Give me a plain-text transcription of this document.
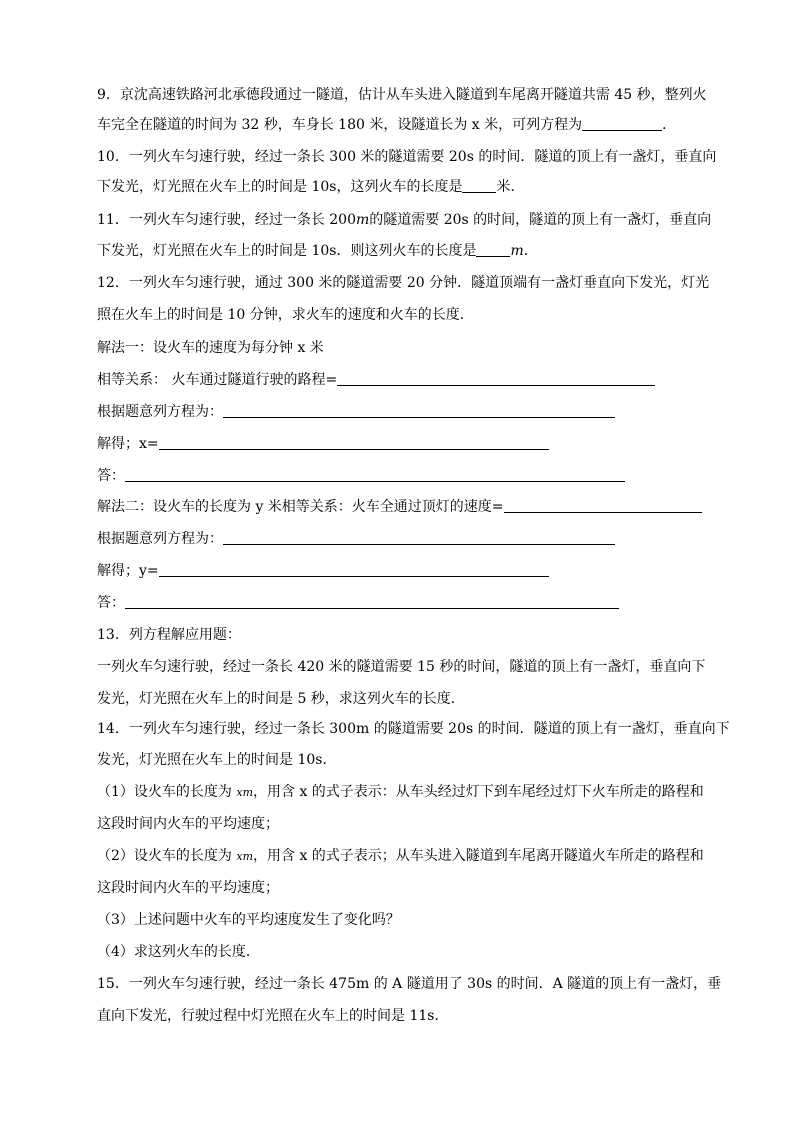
9．京沈高速铁路河北承德段通过一隧道，估计从车头进入隧道到车尾离开隧道共需 45 秒，整列火
车完全在隧道的时间为 32 秒，车身长 180 米，设隧道长为 x 米，可列方程为	．
10．一列火车匀速行驶，经过一条长 300 米的隧道需要 20s 的时间．隧道的顶上有一盏灯，垂直向
下发光，灯光照在火车上的时间是 10s，这列火车的长度是 米．
11．一列火车匀速行驶，经过一条长 200m的隧道需要 20s 的时间，隧道的顶上有一盏灯，垂直向
下发光，灯光照在火车上的时间是 10s．则这列火车的长度是 m．
12．一列火车匀速行驶，通过 300 米的隧道需要 20 分钟．隧道顶端有一盏灯垂直向下发光，灯光
照在火车上的时间是 10 分钟，求火车的速度和火车的长度．
解法一：设火车的速度为每分钟 x 米
相等关系： 火车通过隧道行驶的路程=
根据题意列方程为：
解得；x=
答：
解法二：设火车的长度为 y 米相等关系：火车全通过顶灯的速度=
根据题意列方程为：
解得；y=
答：
13．列方程解应用题：
一列火车匀速行驶，经过一条长 420 米的隧道需要 15 秒的时间，隧道的顶上有一盏灯，垂直向下
发光，灯光照在火车上的时间是 5 秒，求这列火车的长度．
14．一列火车匀速行驶，经过一条长 300m 的隧道需要 20s 的时间．隧道的顶上有一盏灯，垂直向下
发光，灯光照在火车上的时间是 10s．
（1）设火车的长度为 xm，用含 x 的式子表示：从车头经过灯下到车尾经过灯下火车所走的路程和
这段时间内火车的平均速度；
（2）设火车的长度为 xm，用含 x 的式子表示；从车头进入隧道到车尾离开隧道火车所走的路程和
这段时间内火车的平均速度；
（3）上述问题中火车的平均速度发生了变化吗？
（4）求这列火车的长度．
15．一列火车匀速行驶，经过一条长 475m 的 A 隧道用了 30s 的时间．A 隧道的顶上有一盏灯，垂
直向下发光，行驶过程中灯光照在火车上的时间是 11s．
